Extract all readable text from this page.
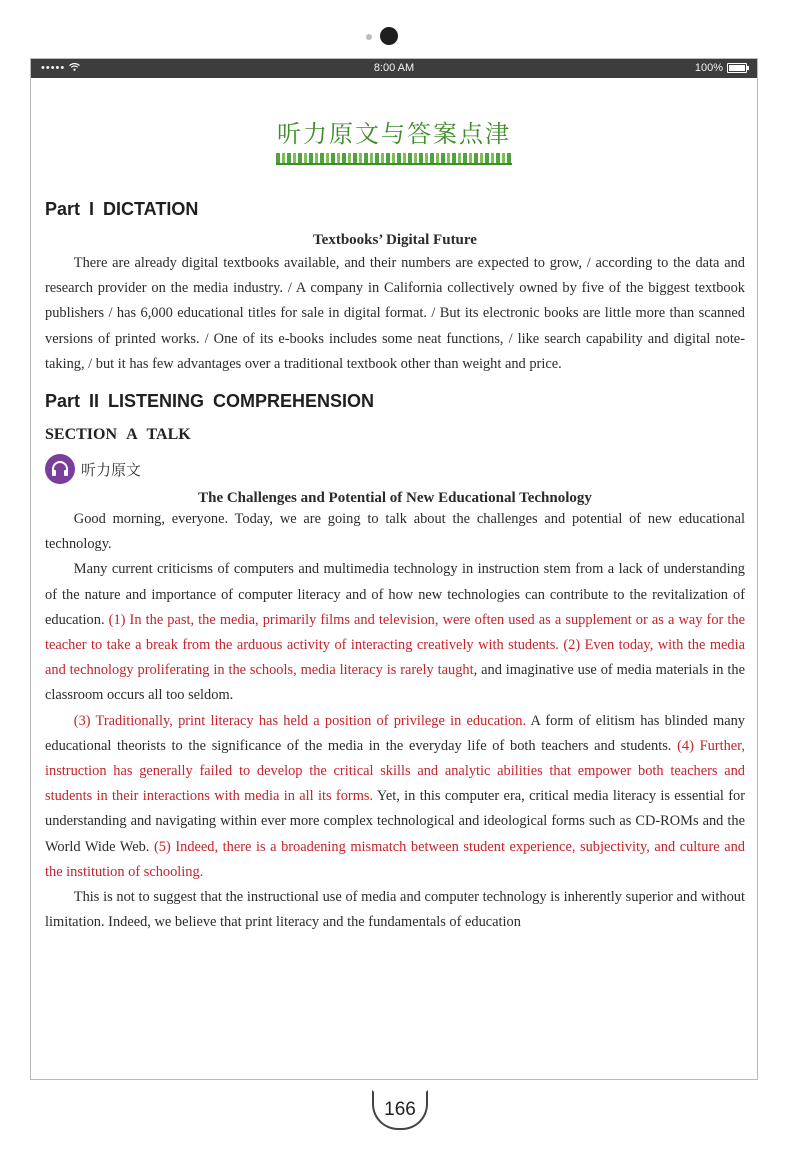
•••••	8:00 AM	100%
听力原文与答案点津
Part I DICTATION
Textbooks’ Digital Future

There are already digital textbooks available, and their numbers are expected to grow, / according to the data and research provider on the media industry. / A company in California collectively owned by five of the biggest textbook publishers / has 6,000 educational titles for sale in digital format. / But its electronic books are little more than scanned versions of printed works. / One of its e-books includes some neat functions, / like search capability and digital note-taking, / but it has few advantages over a traditional textbook other than weight and price.

Part II LISTENING COMPREHENSION
SECTION A TALK
听力原文
The Challenges and Potential of New Educational Technology

Good morning, everyone. Today, we are going to talk about the challenges and potential of new educational technology.

Many current criticisms of computers and multimedia technology in instruction stem from a lack of understanding of the nature and importance of computer literacy and of how new technologies can contribute to the revitalization of education. (1) In the past, the media, primarily films and television, were often used as a supplement or as a way for the teacher to take a break from the arduous activity of interacting creatively with students. (2) Even today, with the media and technology proliferating in the schools, media literacy is rarely taught, and imaginative use of media materials in the classroom occurs all too seldom.

(3) Traditionally, print literacy has held a position of privilege in education. A form of elitism has blinded many educational theorists to the significance of the media in the everyday life of both teachers and students. (4) Further, instruction has generally failed to develop the critical skills and analytic abilities that empower both teachers and students in their interactions with media in all its forms. Yet, in this computer era, critical media literacy is essential for understanding and navigating within ever more complex technological and ideological forms such as CD-ROMs and the World Wide Web. (5) Indeed, there is a broadening mismatch between student experience, subjectivity, and culture and the institution of schooling.

This is not to suggest that the instructional use of media and computer technology is inherently superior and without limitation. Indeed, we believe that print literacy and the fundamentals of education

166
